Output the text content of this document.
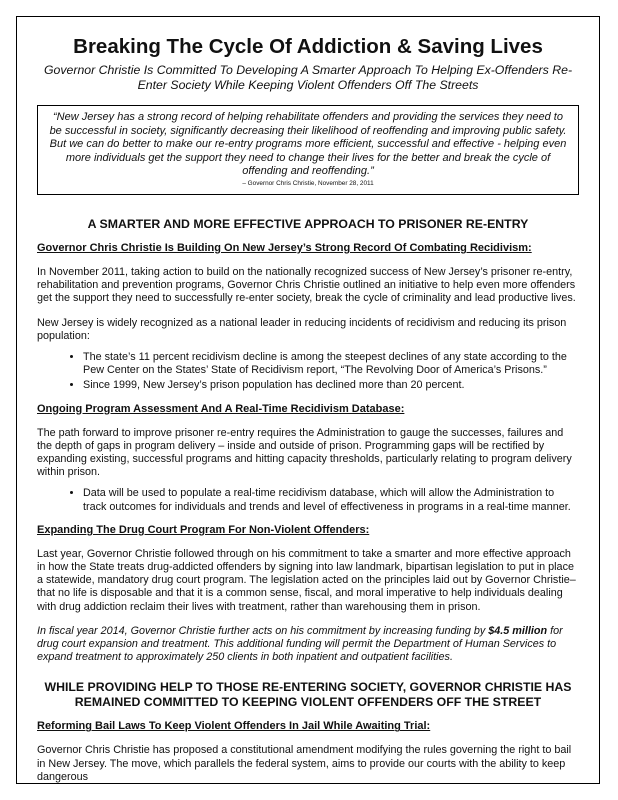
Breaking The Cycle Of Addiction & Saving Lives
Governor Christie Is Committed To Developing A Smarter Approach To Helping Ex-Offenders Re-Enter Society While Keeping Violent Offenders Off The Streets
“New Jersey has a strong record of helping rehabilitate offenders and providing the services they need to be successful in society, significantly decreasing their likelihood of reoffending and improving public safety. But we can do better to make our re-entry programs more efficient, successful and effective - helping even more individuals get the support they need to change their lives for the better and break the cycle of offending and reoffending.”
– Governor Chris Christie, November 28, 2011
A SMARTER AND MORE EFFECTIVE APPROACH TO PRISONER RE-ENTRY
Governor Chris Christie Is Building On New Jersey’s Strong Record Of Combating Recidivism:

In November 2011, taking action to build on the nationally recognized success of New Jersey’s prisoner re-entry, rehabilitation and prevention programs, Governor Chris Christie outlined an initiative to help even more offenders get the support they need to successfully re-enter society, break the cycle of criminality and lead productive lives.

New Jersey is widely recognized as a national leader in reducing incidents of recidivism and reducing its prison population:

• The state’s 11 percent recidivism decline is among the steepest declines of any state according to the Pew Center on the States’ State of Recidivism report, “The Revolving Door of America’s Prisons.”
• Since 1999, New Jersey’s prison population has declined more than 20 percent.
Ongoing Program Assessment And A Real-Time Recidivism Database:

The path forward to improve prisoner re-entry requires the Administration to gauge the successes, failures and the depth of gaps in program delivery – inside and outside of prison. Programming gaps will be rectified by expanding existing, successful programs and hitting capacity thresholds, particularly relating to program delivery within prison.

• Data will be used to populate a real-time recidivism database, which will allow the Administration to track outcomes for individuals and trends and level of effectiveness in programs in a real-time manner.
Expanding The Drug Court Program For Non-Violent Offenders:

Last year, Governor Christie followed through on his commitment to take a smarter and more effective approach in how the State treats drug-addicted offenders by signing into law landmark, bipartisan legislation to put in place a statewide, mandatory drug court program. The legislation acted on the principles laid out by Governor Christie– that no life is disposable and that it is a common sense, fiscal, and moral imperative to help individuals dealing with drug addiction reclaim their lives with treatment, rather than warehousing them in prison.

In fiscal year 2014, Governor Christie further acts on his commitment by increasing funding by $4.5 million for drug court expansion and treatment. This additional funding will permit the Department of Human Services to expand treatment to approximately 250 clients in both inpatient and outpatient facilities.

WHILE PROVIDING HELP TO THOSE RE-ENTERING SOCIETY, GOVERNOR CHRISTIE HAS
REMAINED COMMITTED TO KEEPING VIOLENT OFFENDERS OFF THE STREET
Reforming Bail Laws To Keep Violent Offenders In Jail While Awaiting Trial:

Governor Chris Christie has proposed a constitutional amendment modifying the rules governing the right to bail in New Jersey. The move, which parallels the federal system, aims to provide our courts with the ability to keep dangerous
